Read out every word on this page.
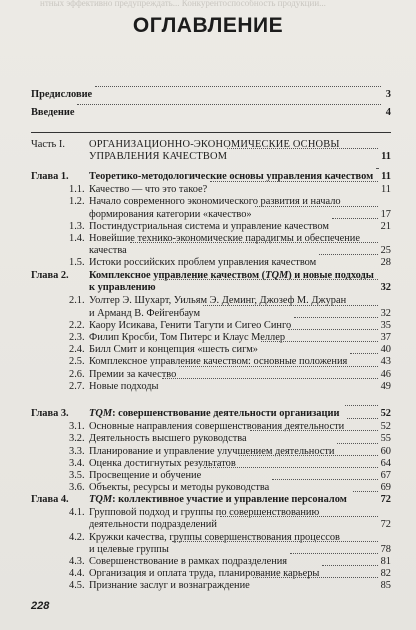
нтных эффективно предупреждать... Конкурентоспособность продукции...
ОГЛАВЛЕНИЕ
228
Предисловие	3
Введение	4
Часть I. ОРГАНИЗАЦИОННО-ЭКОНОМИЧЕСКИЕ ОСНОВЫ
УПРАВЛЕНИЯ КАЧЕСТВОМ	11
Глава 1. Теоретико-методологические основы управления качеством 11
1.1. Качество — что это такое?	11
1.2. Начало современного экономического развития и начало
формирования категории «качество»	17
1.3. Постиндустриальная система и управление качеством	21
1.4. Новейшие технико-экономические парадигмы и обеспечение
качества	25
1.5. Истоки российских проблем управления качеством	28
Глава 2. Комплексное управление качеством (TQM) и новые подходы
к управлению	32
2.1. Уолтер Э. Шухарт, Уильям Э. Деминг, Джозеф М. Джуран
и Арманд В. Фейгенбаум	32
2.2. Каору Исикава, Генити Тагути и Сигео Синго	35
2.3. Филип Кросби, Том Питерс и Клаус Меллер	37
2.4. Билл Смит и концепция «шесть сигм»	40
2.5. Комплексное управление качеством: основные положения	43
2.6. Премии за качество	46
2.7. Новые подходы	49
Глава 3. TQM: совершенствование деятельности организации	52
3.1. Основные направления совершенствования деятельности	52
3.2. Деятельность высшего руководства	55
3.3. Планирование и управление улучшением деятельности	60
3.4. Оценка достигнутых результатов	64
3.5. Просвещение и обучение	67
3.6. Объекты, ресурсы и методы руководства	69
Глава 4. TQM: коллективное участие и управление персоналом	72
4.1. Групповой подход и группы по совершенствованию
деятельности подразделений	72
4.2. Кружки качества, группы совершенствования процессов
и целевые группы	78
4.3. Совершенствование в рамках подразделения	81
4.4. Организация и оплата труда, планирование карьеры	82
4.5. Признание заслуг и вознаграждение	85
